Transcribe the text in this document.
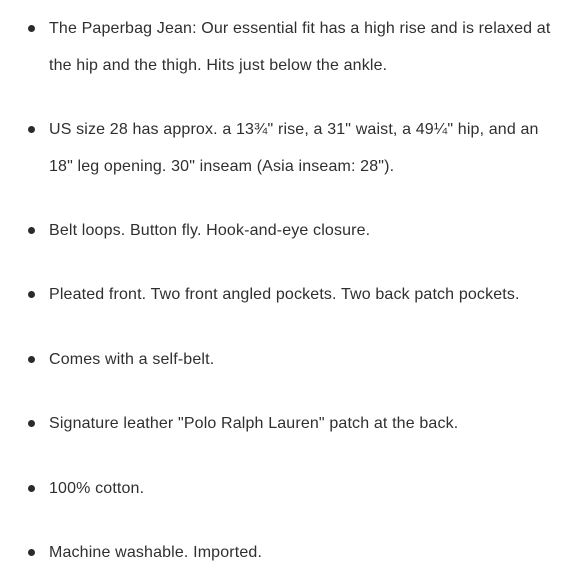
The Paperbag Jean: Our essential fit has a high rise and is relaxed at the hip and the thigh. Hits just below the ankle.
US size 28 has approx. a 13¾" rise, a 31" waist, a 49¼" hip, and an 18" leg opening. 30" inseam (Asia inseam: 28").
Belt loops. Button fly. Hook-and-eye closure.
Pleated front. Two front angled pockets. Two back patch pockets.
Comes with a self-belt.
Signature leather "Polo Ralph Lauren" patch at the back.
100% cotton.
Machine washable. Imported.
